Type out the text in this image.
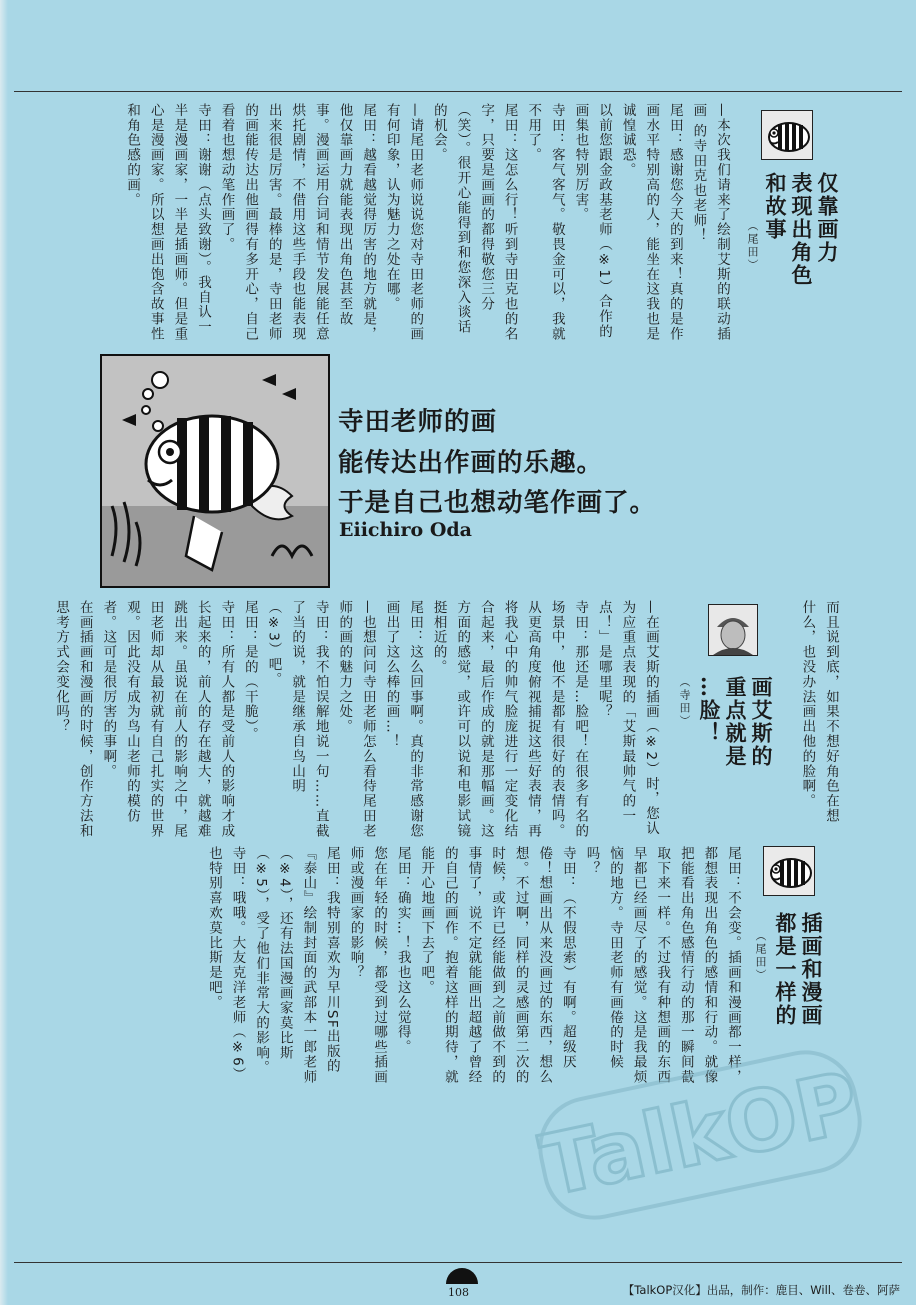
仅靠画力
表现出角色
和故事
（尾田）
—本次我们请来了绘制艾斯的联动插画 的寺田克也老师！
尾田：感谢您今天的到来！真的是作画水平特别高的人，能坐在这我也是诚惶诚恐。
以前您跟金政基老师（※1）合作的画集也特别厉害。
寺田：客气客气。敬畏金可以，我就不用了。
尾田：这怎么行！听到寺田克也的名字，只要是画画的都得敬您三分（笑）。很开心能得到和您深入谈话的机会。
—请尾田老师说说您对寺田老师的画有何印象，认为魅力之处在哪。
尾田：越看越觉得厉害的地方就是，他仅靠画力就能表现出角色甚至故事。漫画运用台词和情节发展能任意烘托剧情，不借用这些手段也能表现出来很是厉害。最棒的是，寺田老师的画能传达出他画得有多开心，自己看着也想动笔作画了。
寺田：谢谢（点头致谢）。我自认一半是漫画家，一半是插画师。但是重心是漫画家。所以想画出饱含故事性和角色感的画。
寺田老师的画
能传达出作画的乐趣。
于是自己也想动笔作画了。
Eiichiro Oda
而且说到底，如果不想好角色在想什么，也没办法画出他的脸啊。
画艾斯的
重点就是
…脸！
（寺田）
—在画艾斯的插画（※2）时，您认为应重点表现的「艾斯最帅气的一点！」是哪里呢？
寺田：那还是…脸吧！在很多有名的场景中，他不是都有很好的表情吗。从更高角度俯视捕捉这些好表情，再将我心中的帅气脸庞进行一定变化结合起来，最后作成的就是那幅画。这方面的感觉，或许可以说和电影试镜挺相近的。
尾田：这么回事啊。真的非常感谢您画出了这么棒的画…！
—也想问问寺田老师怎么看待尾田老师的画的魅力之处。
寺田：我不怕误解地说一句……直截了当的说，就是继承自鸟山明（※3）吧。
尾田：是的（干脆）。
寺田：所有人都是受前人的影响才成长起来的，前人的存在越大，就越难跳出来。虽说在前人的影响之中，尾田老师却从最初就有自己扎实的世界观。因此没有成为鸟山老师的模仿者。这可是很厉害的事啊。
在画插画和漫画的时候，创作方法和思考方式会变化吗？
插画和漫画
都是一样的
（尾田）
尾田：不会变。插画和漫画都一样，都想表现出角色的感情和行动。就像把能看出角色感情行动的那一瞬间截取下来一样。不过我有种想画的东西早都已经画尽了的感觉。这是我最烦恼的地方。寺田老师有画倦的时候吗？
寺田：（不假思索）有啊。超级厌倦！想画出从来没画过的东西，想么想。不过啊，同样的灵感画第二次的时候，或许已经能做到之前做不到的事情了，说不定就能画出超越了曾经的自己的画作。抱着这样的期待，就能开心地画下去了吧。
尾田：确实…！我也这么觉得。
您在年轻的时候，都受到过哪些插画师或漫画家的影响？
尾田：我特别喜欢为早川SF出版的『泰山』绘制封面的武部本一郎老师（※4），还有法国漫画家莫比斯（※5），受了他们非常大的影响。
寺田：哦哦。大友克洋老师（※6）也特别喜欢莫比斯是吧。
TalkOP
108	【TalkOP汉化】出品，制作：鹿目、Will、卷卷、阿萨
